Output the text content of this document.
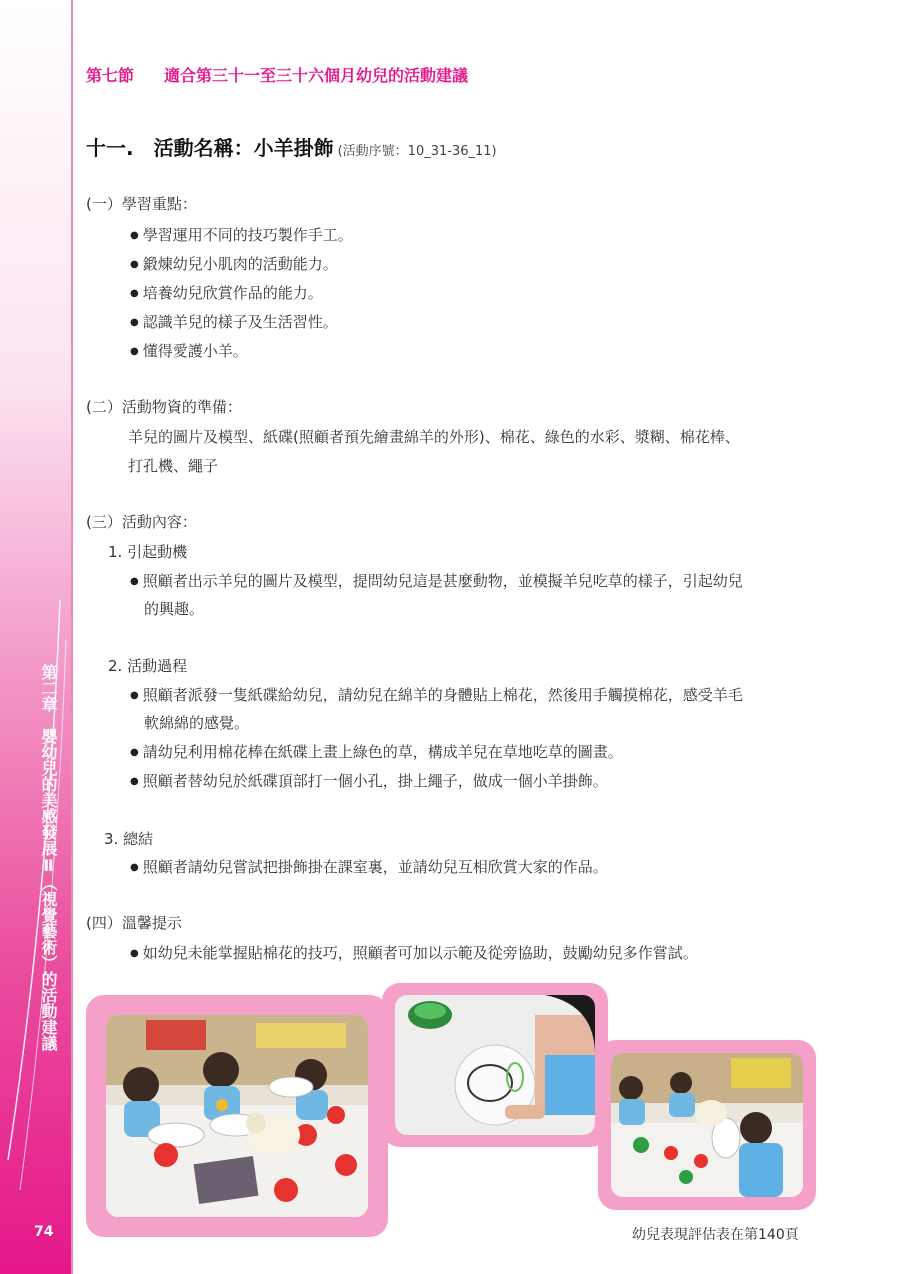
第二章　嬰幼兒的美感發展Ⅱ︵視覺藝術︶的活動建議
74
第七節 適合第三十一至三十六個月幼兒的活動建議
十一.　活動名稱：小羊掛飾 (活動序號：10_31-36_11)
(一）學習重點：
● 學習運用不同的技巧製作手工。
● 鍛煉幼兒小肌肉的活動能力。
● 培養幼兒欣賞作品的能力。
● 認識羊兒的樣子及生活習性。
● 懂得愛護小羊。
(二）活動物資的準備：
羊兒的圖片及模型、紙碟(照顧者預先繪畫綿羊的外形)、棉花、綠色的水彩、漿糊、棉花棒、
打孔機、繩子
(三）活動內容：
1. 引起動機
● 照顧者出示羊兒的圖片及模型，提問幼兒這是甚麼動物，並模擬羊兒吃草的樣子，引起幼兒
的興趣。
2. 活動過程
● 照顧者派發一隻紙碟給幼兒，請幼兒在綿羊的身體貼上棉花，然後用手觸摸棉花，感受羊毛
軟綿綿的感覺。
● 請幼兒利用棉花棒在紙碟上畫上綠色的草，構成羊兒在草地吃草的圖畫。
● 照顧者替幼兒於紙碟頂部打一個小孔，掛上繩子，做成一個小羊掛飾。
3. 總結
● 照顧者請幼兒嘗試把掛飾掛在課室裏，並請幼兒互相欣賞大家的作品。
(四）溫馨提示
● 如幼兒未能掌握貼棉花的技巧，照顧者可加以示範及從旁協助，鼓勵幼兒多作嘗試。
幼兒表現評估表在第140頁
